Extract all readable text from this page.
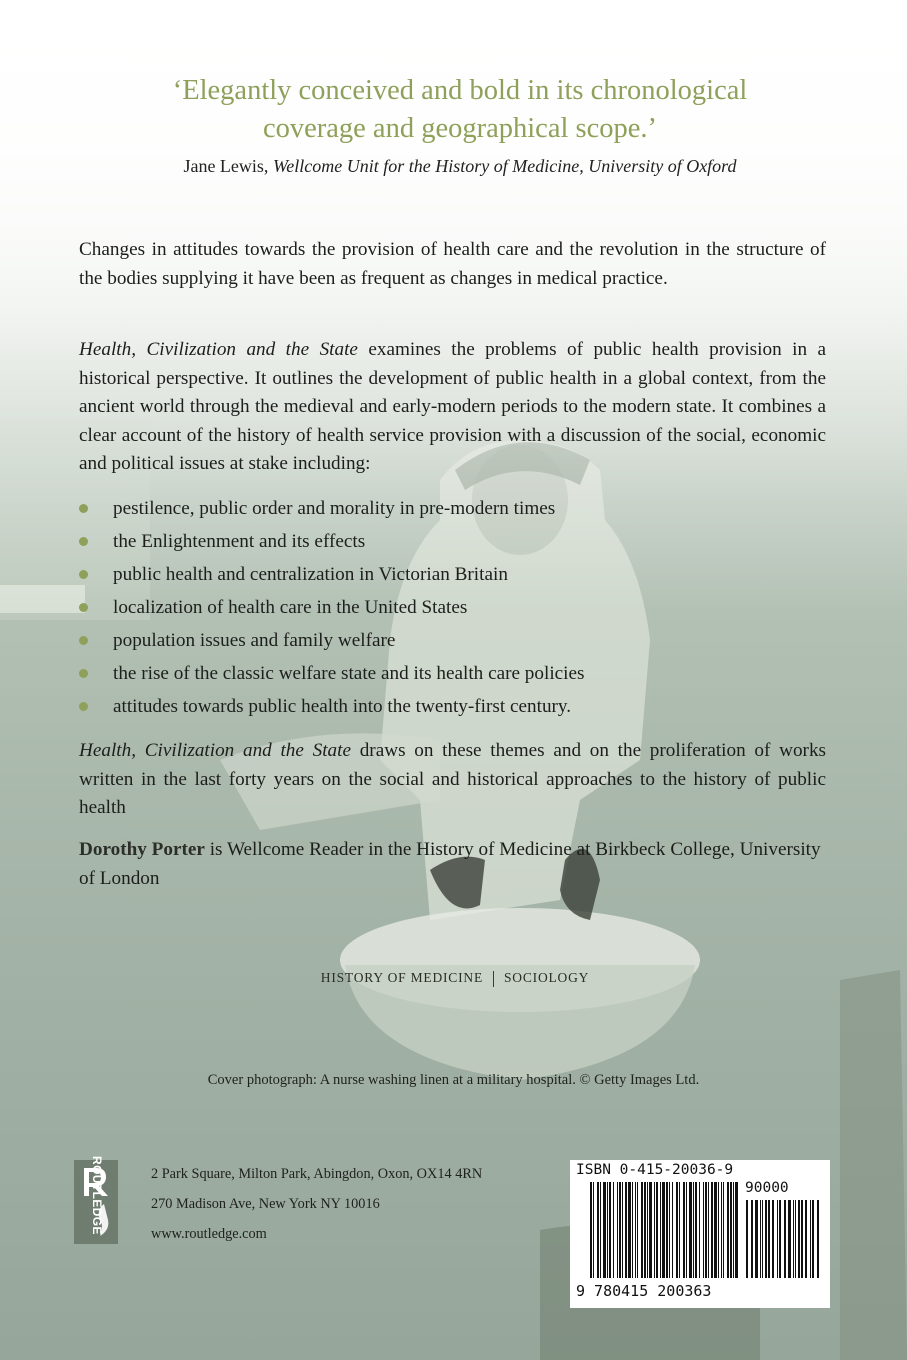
‘Elegantly conceived and bold in its chronological
coverage and geographical scope.’
Jane Lewis, Wellcome Unit for the History of Medicine, University of Oxford
Changes in attitudes towards the provision of health care and the revolution in the structure of the bodies supplying it have been as frequent as changes in medical practice.
Health, Civilization and the State examines the problems of public health provision in a historical perspective. It outlines the development of public health in a global context, from the ancient world through the medieval and early-modern periods to the modern state. It combines a clear account of the history of health service provision with a discussion of the social, economic and political issues at stake including:
pestilence, public order and morality in pre-modern times
the Enlightenment and its effects
public health and centralization in Victorian Britain
localization of health care in the United States
population issues and family welfare
the rise of the classic welfare state and its health care policies
attitudes towards public health into the twenty-first century.
Health, Civilization and the State draws on these themes and on the proliferation of works written in the last forty years on the social and historical approaches to the history of public health
Dorothy Porter is Wellcome Reader in the History of Medicine at Birkbeck College, University of London
HISTORY OF MEDICINE SOCIOLOGY
Cover photograph: A nurse washing linen at a military hospital. © Getty Images Ltd.
ROUTLEDGE	2 Park Square, Milton Park, Abingdon, Oxon, OX14 4RN
270 Madison Ave, New York NY 10016
www.routledge.com
ISBN 0-415-20036-9
90000
9 780415 200363
